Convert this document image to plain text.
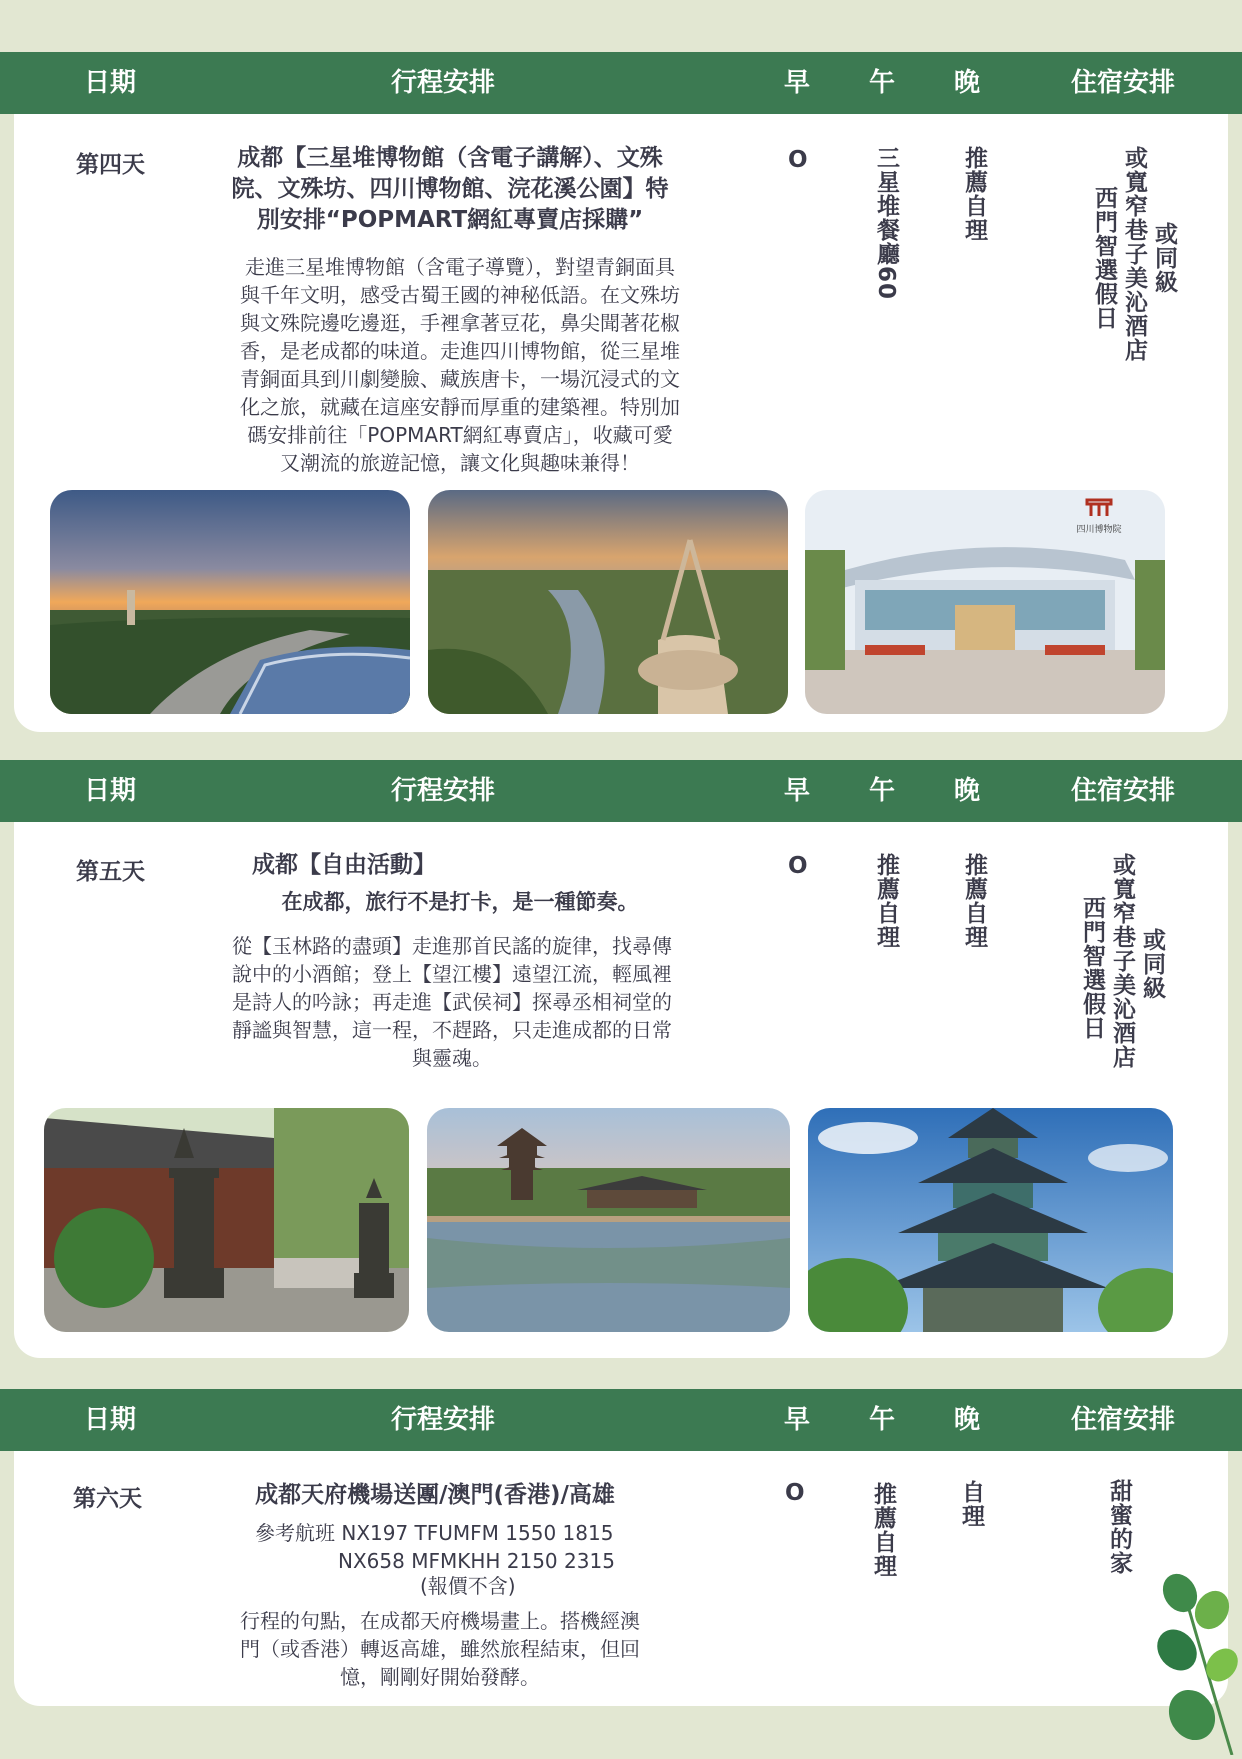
日期	行程安排	早 午 晚	住宿安排
第四天	成都【三星堆博物館（含電子講解）、文殊
院、文殊坊、四川博物館、浣花溪公園】特
別安排“POPMART網紅專賣店採購”
走進三星堆博物館（含電子導覽），對望青銅面具
與千年文明，感受古蜀王國的神秘低語。在文殊坊
與文殊院邊吃邊逛，手裡拿著豆花，鼻尖聞著花椒
香，是老成都的味道。走進四川博物館，從三星堆
青銅面具到川劇變臉、藏族唐卡，一場沉浸式的文
化之旅，就藏在這座安靜而厚重的建築裡。特別加
碼安排前往「POPMART網紅專賣店」，收藏可愛
又潮流的旅遊記憶，讓文化與趣味兼得！
O	三星堆餐廳60	推薦自理	或寬窄巷子美沁酒店
西門智選假日 或同級
四川博物院
日期	行程安排	早 午 晚	住宿安排
第五天	成都【自由活動】
在成都，旅行不是打卡，是一種節奏。
從【玉林路的盡頭】走進那首民謠的旋律，找尋傳
說中的小酒館；登上【望江樓】遠望江流，輕風裡
是詩人的吟詠；再走進【武侯祠】探尋丞相祠堂的
靜謐與智慧，這一程，不趕路，只走進成都的日常
與靈魂。
O	推薦自理	推薦自理	或寬窄巷子美沁酒店
西門智選假日 或同級
日期	行程安排	早 午 晚	住宿安排
第六天	成都天府機場送團/澳門(香港)/高雄
參考航班 NX197 TFUMFM 1550 1815
NX658 MFMKHH 2150 2315
(報價不含)
行程的句點，在成都天府機場畫上。搭機經澳
門（或香港）轉返高雄，雖然旅程結束，但回
憶，剛剛好開始發酵。
O	推薦自理	自理	甜蜜的家
